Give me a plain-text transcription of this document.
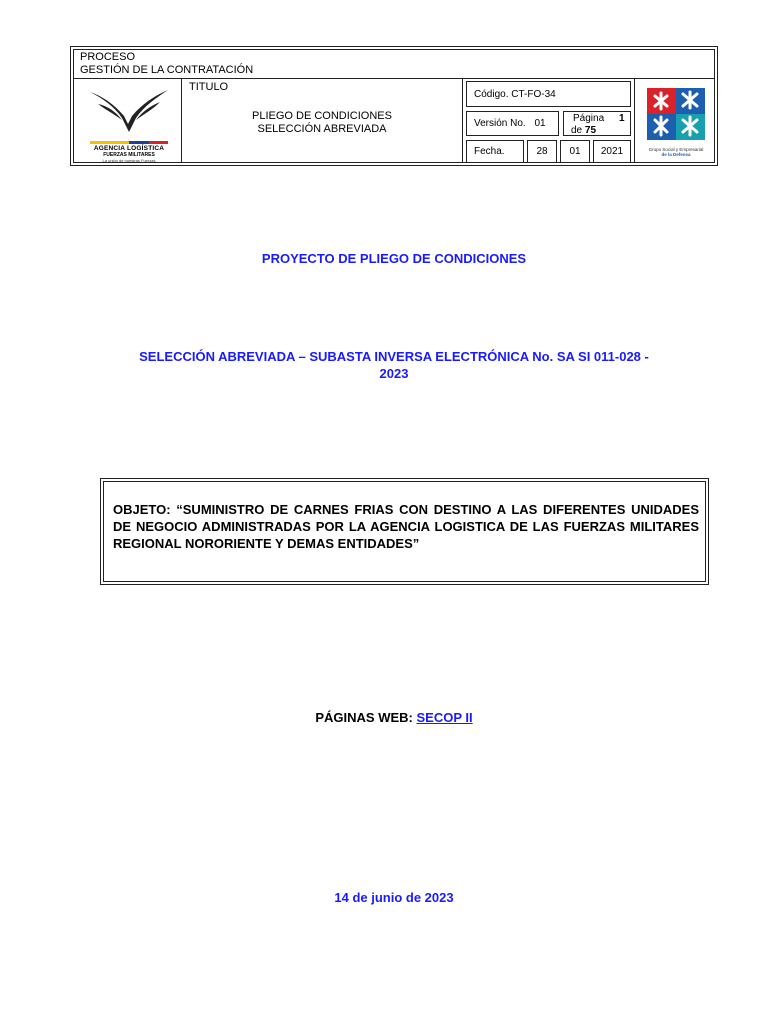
PROCESO
GESTIÓN DE LA CONTRATACIÓN
AGENCIA LOGÍSTICA
FUERZAS MILITARES
La unión de nuestras Fuerzas
TITULO
PLIEGO DE CONDICIONES
SELECCIÓN ABREVIADA
Código. CT-FO-34
Versión No. 01	Página 1
de 75
Fecha.	28	01	2021	Grupo Social y Empresarial
de la Defensa
PROYECTO DE PLIEGO DE CONDICIONES
SELECCIÓN ABREVIADA – SUBASTA INVERSA ELECTRÓNICA No. SA SI 011-028 -
2023
OBJETO: “SUMINISTRO DE CARNES FRIAS CON DESTINO A LAS DIFERENTES UNIDADES DE NEGOCIO ADMINISTRADAS POR LA AGENCIA LOGISTICA DE LAS FUERZAS MILITARES REGIONAL NORORIENTE Y DEMAS ENTIDADES”
PÁGINAS WEB: SECOP II
14 de junio de 2023
